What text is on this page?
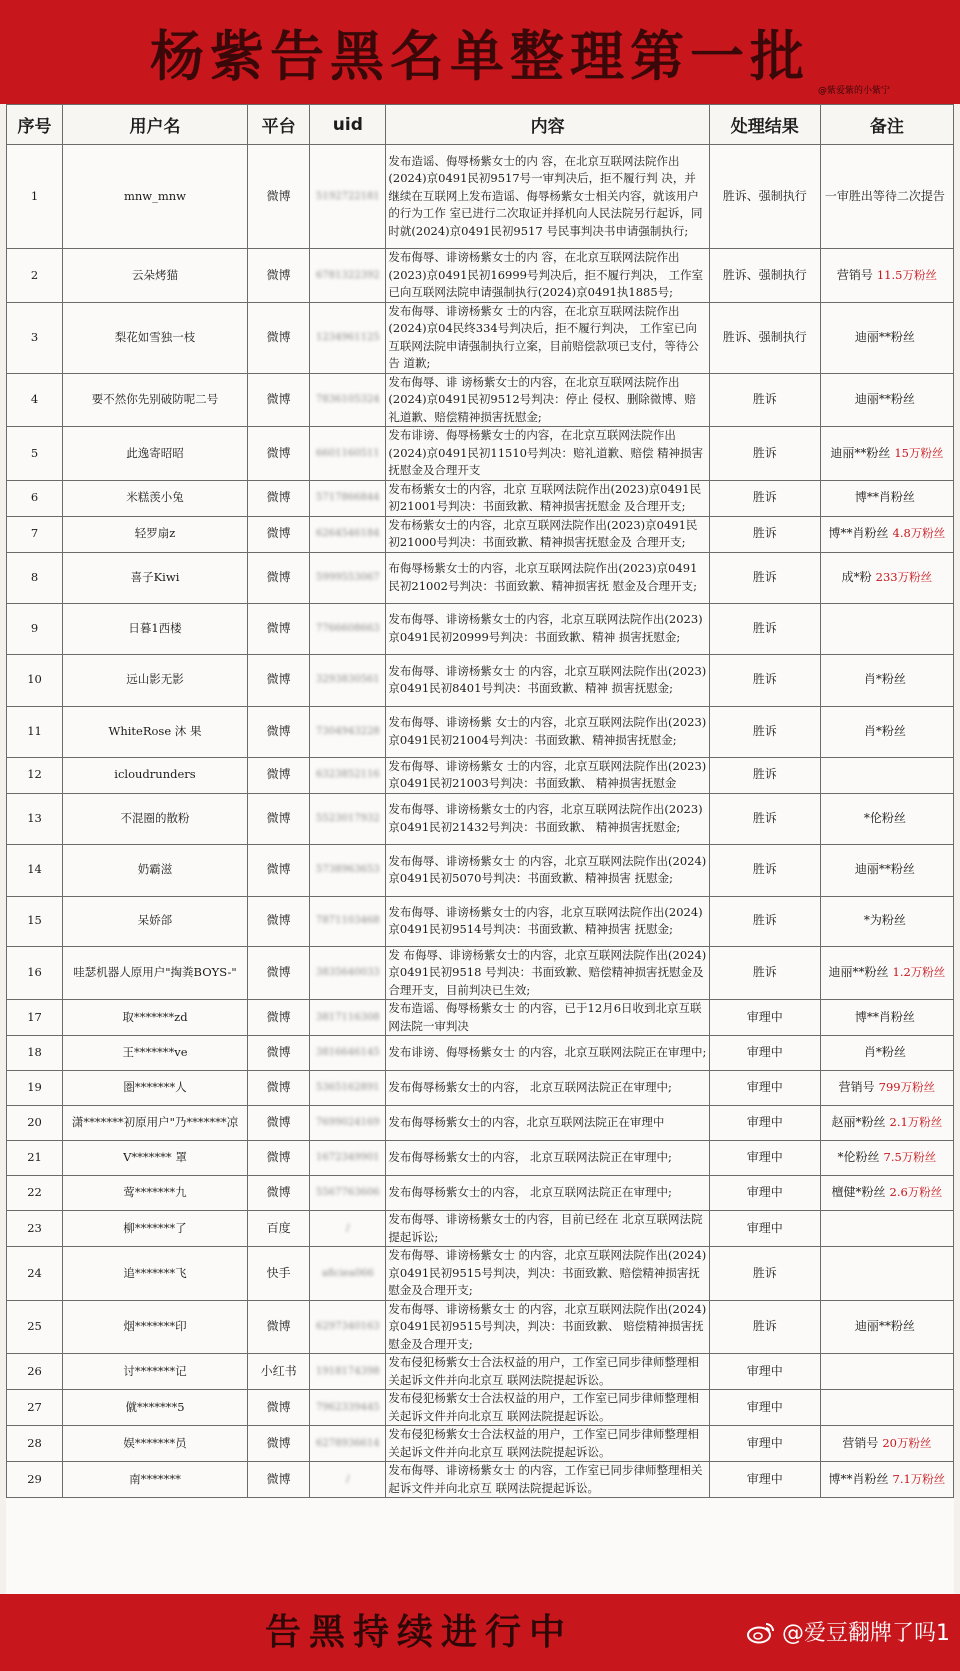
杨紫告黑名单整理第一批
@紫爱紫的小紫宁
序号	用户名	平台	uid	内容	处理结果	备注
1	mnw_mnw	微博	5192722181	发布造谣、侮辱杨紫女士的内 容，在北京互联网法院作出(2024)京0491民初9517号一审判决后，拒不履行判 决，并继续在互联网上发布造谣、侮辱杨紫女士相关内容，就该用户的行为工作 室已进行二次取证并择机向人民法院另行起诉，同时就(2024)京0491民初9517 号民事判决书申请强制执行;	胜诉、强制执行	一审胜出等待二次提告
2	云朵烤猫	微博	6781322392	发布侮辱、诽谤杨紫女士的内 容，在北京互联网法院作出(2023)京0491民初16999号判决后，拒不履行判决， 工作室已向互联网法院申请强制执行(2024)京0491执1885号;	胜诉、强制执行	营销号 11.5万粉丝
3	梨花如雪独一枝	微博	1234961125	发布侮辱、诽谤杨紫女 士的内容，在北京互联网法院作出(2024)京04民终334号判决后，拒不履行判决， 工作室已向互联网法院申请强制执行立案，目前赔偿款项已支付，等待公告 道歉;	胜诉、强制执行	迪丽**粉丝
4	要不然你先别破防呢二号	微博	7836105324	发布侮辱、诽 谤杨紫女士的内容，在北京互联网法院作出(2024)京0491民初9512号判决：停止 侵权、删除微博、赔礼道歉、赔偿精神损害抚慰金;	胜诉	迪丽**粉丝
5	此逸寄昭昭	微博	6601160511	发布诽谤、侮辱杨紫女士的内容，在北京互联网法院作出(2024)京0491民初11510号判决：赔礼道歉、赔偿 精神损害抚慰金及合理开支	胜诉	迪丽**粉丝 15万粉丝
6	米糕羡小兔	微博	5717866844	发布杨紫女士的内容，北京 互联网法院作出(2023)京0491民初21001号判决：书面致歉、精神损害抚慰金 及合理开支;	胜诉	博**肖粉丝
7	轻罗扇z	微博	6264546184	发布杨紫女士的内容，北京互联网法院作出(2023)京0491民初21000号判决：书面致歉、精神损害抚慰金及 合理开支;	胜诉	博**肖粉丝 4.8万粉丝
8	喜子Kiwi	微博	5999553067	布侮辱杨紫女士的内容，北京互联网法院作出(2023)京0491民初21002号判决：书面致歉、精神损害抚 慰金及合理开支;	胜诉	成*粉 233万粉丝
9	日暮1西楼	微博	7766608663	发布侮辱、诽谤杨紫女士的内容，北京互联网法院作出(2023)京0491民初20999号判决：书面致歉、精神 损害抚慰金;	胜诉	
10	远山影无影	微博	3293830561	发布侮辱、诽谤杨紫女士 的内容，北京互联网法院作出(2023)京0491民初8401号判决：书面致歉、精神 损害抚慰金;	胜诉	肖*粉丝
11	WhiteRose 沐 果	微博	7304943228	发布侮辱、诽谤杨紫 女士的内容，北京互联网法院作出(2023)京0491民初21004号判决：书面致歉、精神损害抚慰金;	胜诉	肖*粉丝
12	icloudrunders	微博	6323852116	发布侮辱、诽谤杨紫女 士的内容，北京互联网法院作出(2023)京0491民初21003号判决：书面致歉、 精神损害抚慰金	胜诉	
13	不混圈的散粉	微博	5523017932	发布侮辱、诽谤杨紫女士的内容，北京互联网法院作出(2023)京0491民初21432号判决：书面致歉、 精神损害抚慰金;	胜诉	*伦粉丝
14	奶霸滋	微博	5738963653	发布侮辱、诽谤杨紫女士 的内容，北京互联网法院作出(2024)京0491民初5070号判决：书面致歉、精神损害 抚慰金;	胜诉	迪丽**粉丝
15	呆娇郃	微博	7871103468	发布侮辱、诽谤杨紫女士的内容，北京互联网法院作出(2024)京0491民初9514号判决：书面致歉、精神损害 抚慰金;	胜诉	*为粉丝
16	哇瑟机器人原用户"掏粪BOYS-"	微博	3835640033	发 布侮辱、诽谤杨紫女士的内容，北京互联网法院作出(2024)京0491民初9518 号判决：书面致歉、赔偿精神损害抚慰金及合理开支，目前判决已生效;	胜诉	迪丽**粉丝 1.2万粉丝
17	取*******zd	微博	3817116308	发布造谣、侮辱杨紫女士 的内容，已于12月6日收到北京互联网法院一审判决	审理中	博**肖粉丝
18	王*******ve	微博	3816646145	发布诽谤、侮辱杨紫女士 的内容，北京互联网法院正在审理中;	审理中	肖*粉丝
19	圏*******人	微博	5365162891	发布侮辱杨紫女士的内容， 北京互联网法院正在审理中;	审理中	营销号 799万粉丝
20	潇*******初原用户"乃*******凉	微博	7699024169	发布侮辱杨紫女士的内容，北京互联网法院正在审理中	审理中	赵丽*粉丝 2.1万粉丝
21	V******* 罩	微博	1672349901	发布侮辱杨紫女士的内容， 北京互联网法院正在审理中;	审理中	*伦粉丝 7.5万粉丝
22	莺*******九	微博	5567763606	发布侮辱杨紫女士的内容， 北京互联网法院正在审理中;	审理中	檀健*粉丝 2.6万粉丝
23	柳*******了	百度	/	发布侮辱、诽谤杨紫女士的内容，目前已经在 北京互联网法院提起诉讼;	审理中	
24	追*******飞	快手	a8ciea066	发布侮辱、诽谤杨紫女士 的内容，北京互联网法院作出(2024)京0491民初9515号判决，判决：书面致歉、赔偿精神损害抚慰金及合理开支;	胜诉	
25	烟*******印	微博	6297340163	发布侮辱、诽谤杨紫女士 的内容，北京互联网法院作出(2024)京0491民初9515号判决，判决：书面致歉、 赔偿精神损害抚慰金及合理开支;	胜诉	迪丽**粉丝
26	讨*******记	小红书	1918174398	发布侵犯杨紫女士合法权益的用户，工作室已同步律师整理相关起诉文件并向北京互 联网法院提起诉讼。	审理中	
27	僦*******5	微博	7962339445	发布侵犯杨紫女士合法权益的用户，工作室已同步律师整理相关起诉文件并向北京互 联网法院提起诉讼。	审理中	
28	娱*******员	微博	6278936614	发布侵犯杨紫女士合法权益的用户，工作室已同步律师整理相关起诉文件并向北京互 联网法院提起诉讼。	审理中	营销号 20万粉丝
29	南*******	微博	/	发布侮辱、诽谤杨紫女士 的内容，工作室已同步律师整理相关起诉文件并向北京互 联网法院提起诉讼。	审理中	博**肖粉丝 7.1万粉丝
告黑持续进行中	@爱豆翻牌了吗1
